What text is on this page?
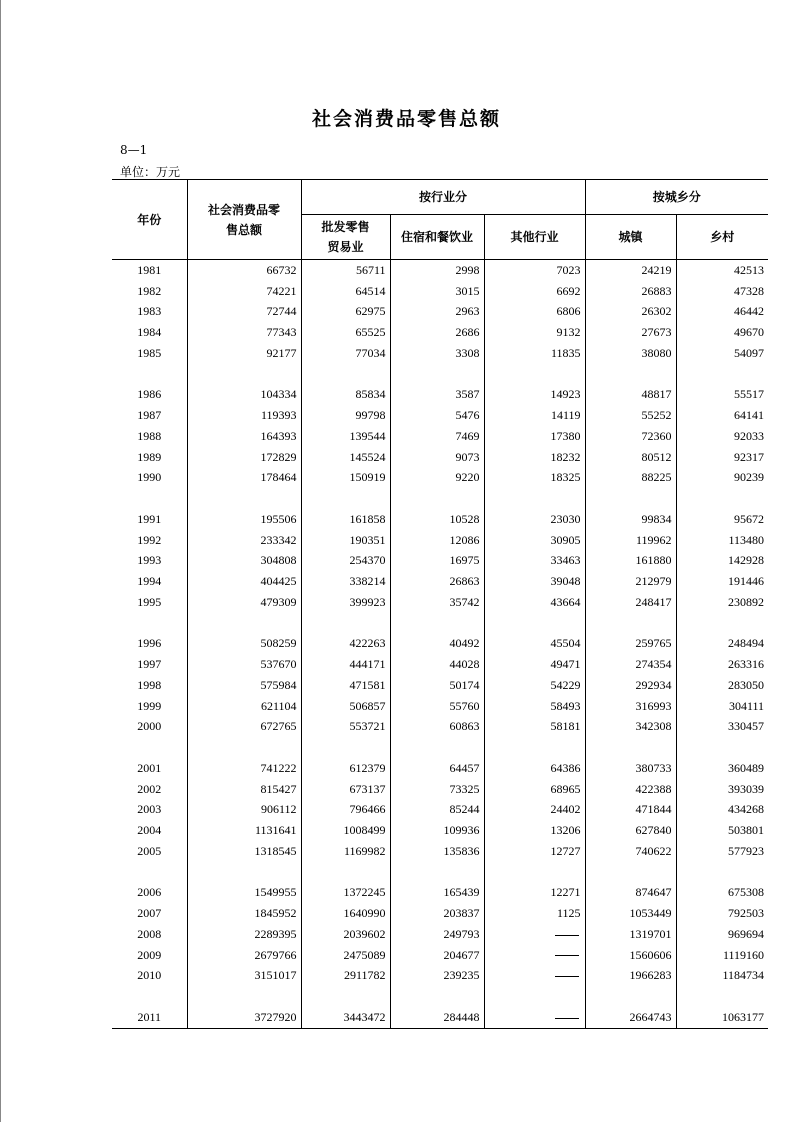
社会消费品零售总额
8—1
单位：万元
年份	社会消费品零售总额	按行业分			按城乡分	

		批发零售贸易业	住宿和餐饮业	其他行业	城镇	乡村
1981	66732	56711	2998	7023	24219	42513
1982	74221	64514	3015	6692	26883	47328
1983	72744	62975	2963	6806	26302	46442
1984	77343	65525	2686	9132	27673	49670
1985	92177	77034	3308	11835	38080	54097

1986	104334	85834	3587	14923	48817	55517
1987	119393	99798	5476	14119	55252	64141
1988	164393	139544	7469	17380	72360	92033
1989	172829	145524	9073	18232	80512	92317
1990	178464	150919	9220	18325	88225	90239

1991	195506	161858	10528	23030	99834	95672
1992	233342	190351	12086	30905	119962	113480
1993	304808	254370	16975	33463	161880	142928
1994	404425	338214	26863	39048	212979	191446
1995	479309	399923	35742	43664	248417	230892

1996	508259	422263	40492	45504	259765	248494
1997	537670	444171	44028	49471	274354	263316
1998	575984	471581	50174	54229	292934	283050
1999	621104	506857	55760	58493	316993	304111
2000	672765	553721	60863	58181	342308	330457

2001	741222	612379	64457	64386	380733	360489
2002	815427	673137	73325	68965	422388	393039
2003	906112	796466	85244	24402	471844	434268
2004	1131641	1008499	109936	13206	627840	503801
2005	1318545	1169982	135836	12727	740622	577923

2006	1549955	1372245	165439	12271	874647	675308
2007	1845952	1640990	203837	1125	1053449	792503
2008	2289395	2039602	249793		1319701	969694
2009	2679766	2475089	204677		1560606	1119160
2010	3151017	2911782	239235		1966283	1184734

2011	3727920	3443472	284448		2664743	1063177
